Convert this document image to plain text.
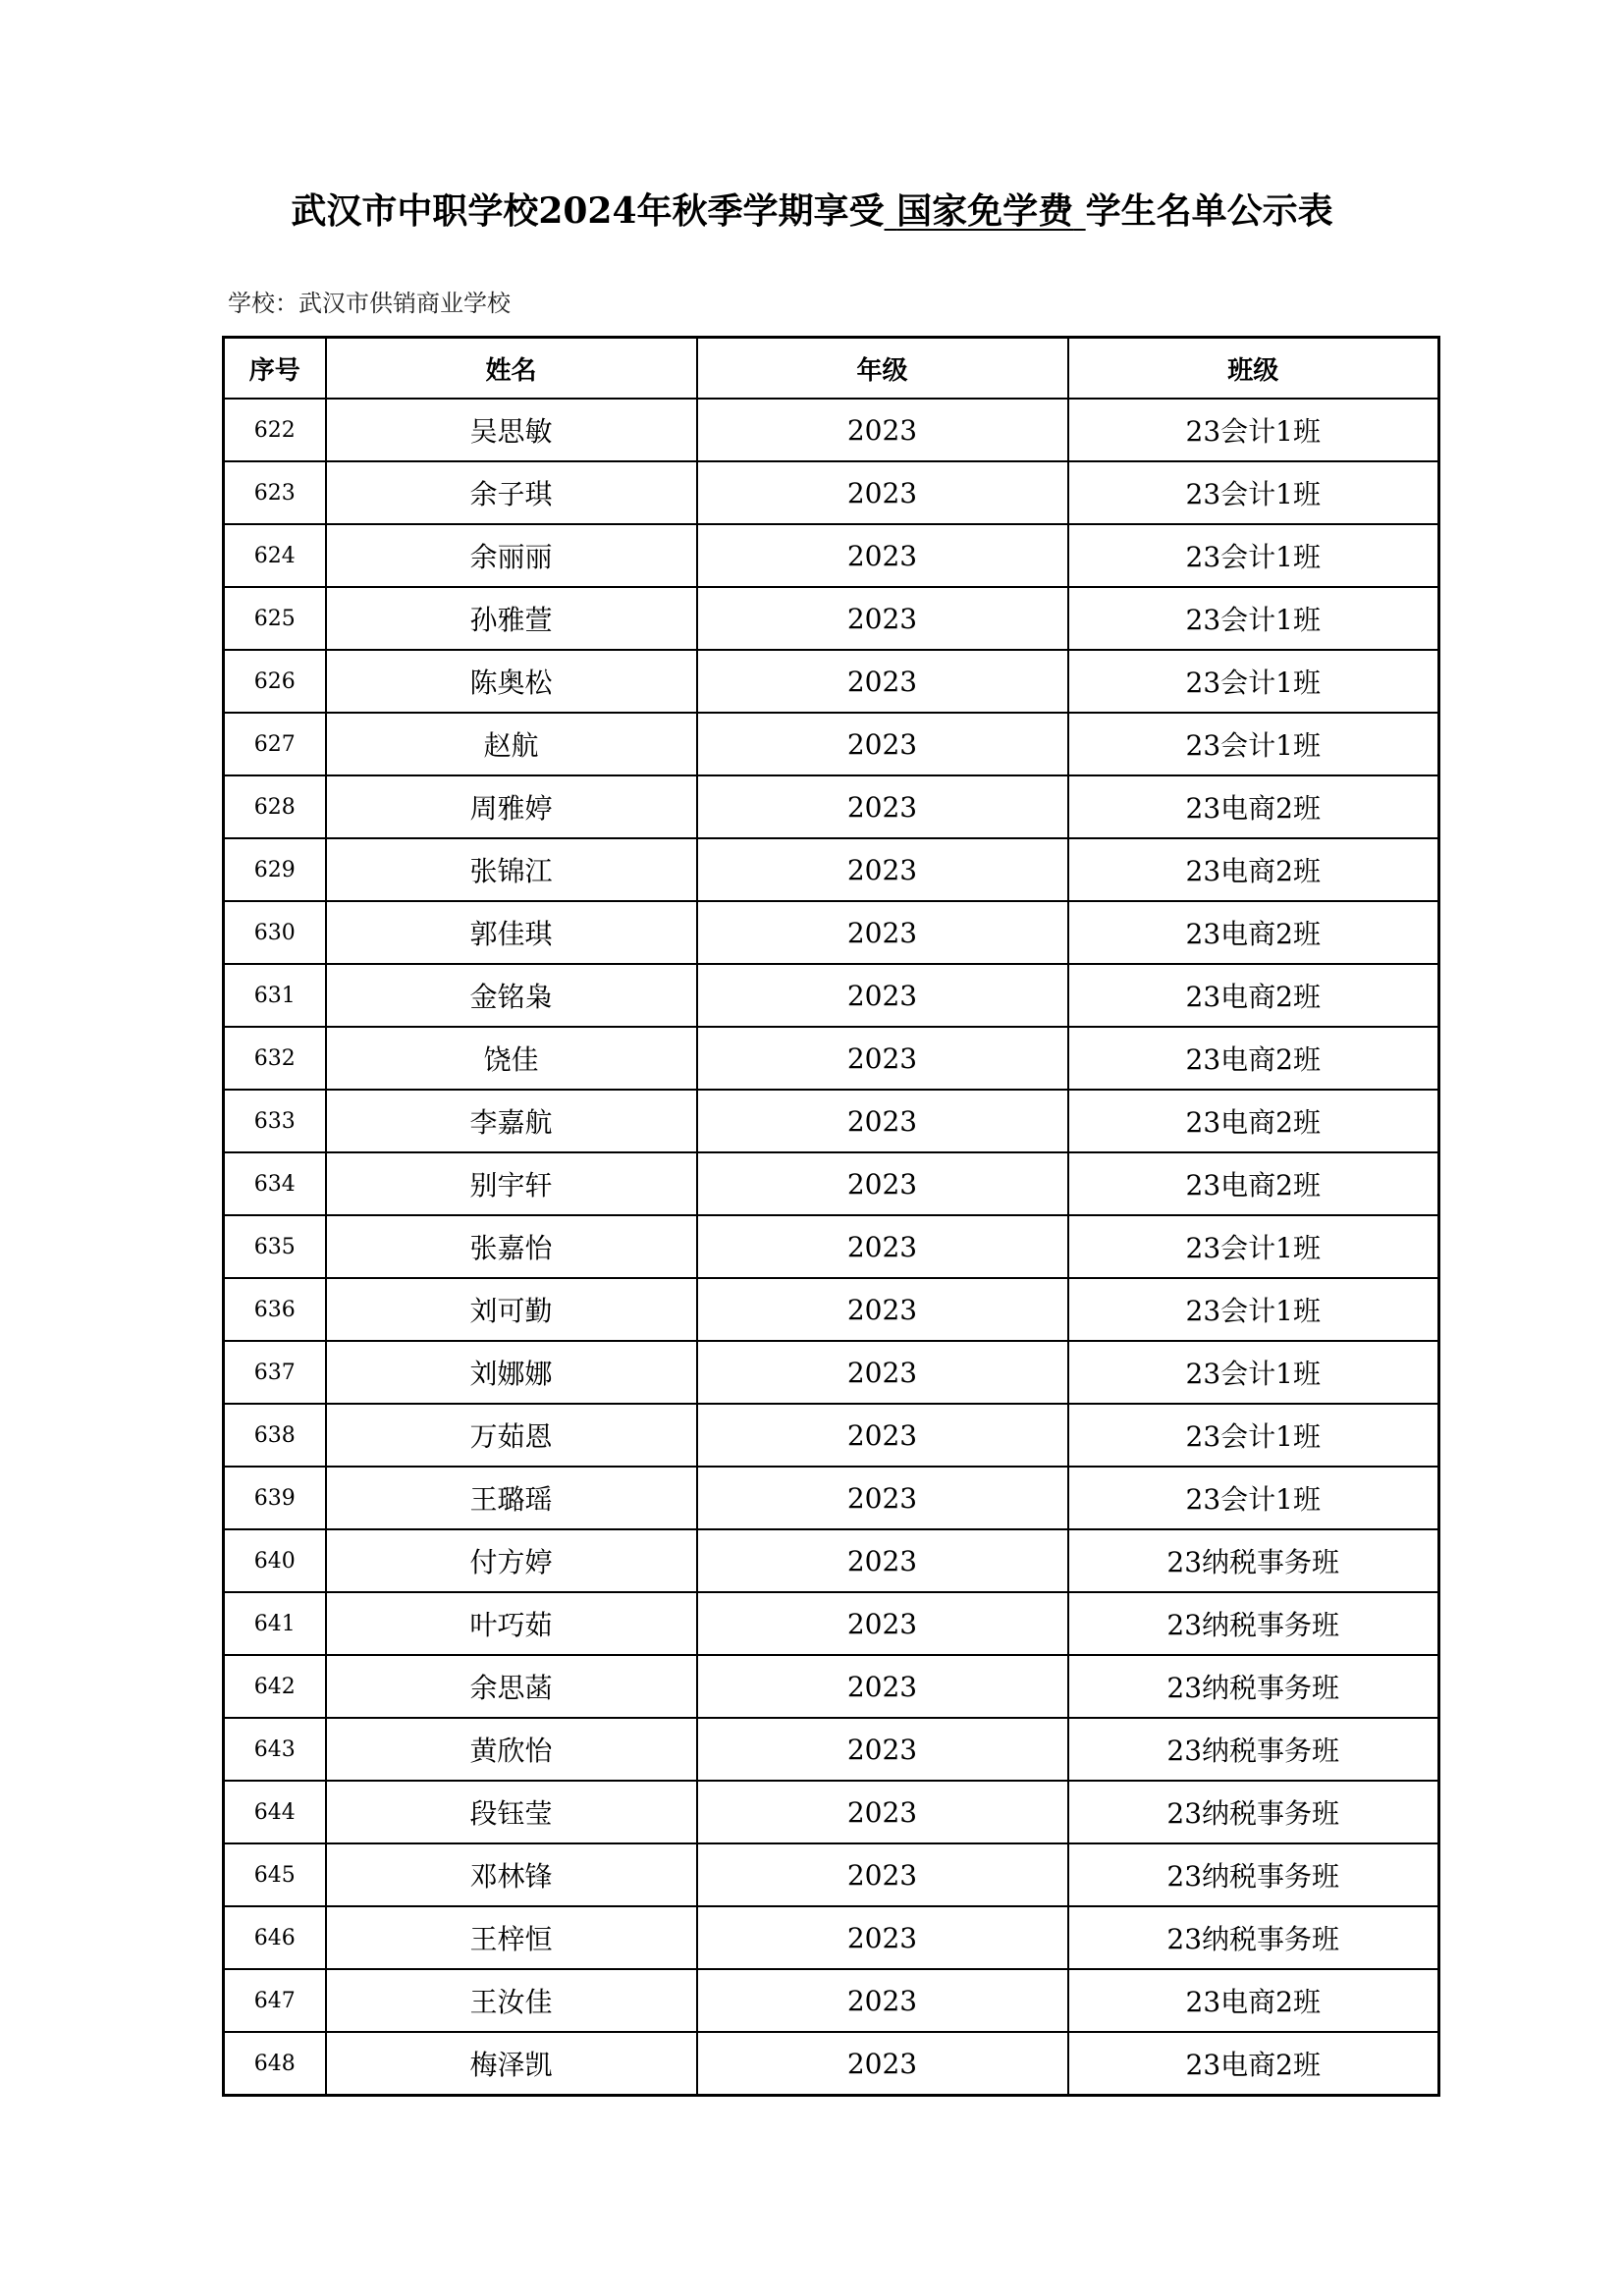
武汉市中职学校2024年秋季学期享受 国家免学费 学生名单公示表
学校：武汉市供销商业学校
序号	姓名	年级	班级
622	吴思敏	2023	23会计1班
623	余子琪	2023	23会计1班
624	余丽丽	2023	23会计1班
625	孙雅萱	2023	23会计1班
626	陈奥松	2023	23会计1班
627	赵航	2023	23会计1班
628	周雅婷	2023	23电商2班
629	张锦江	2023	23电商2班
630	郭佳琪	2023	23电商2班
631	金铭枭	2023	23电商2班
632	饶佳	2023	23电商2班
633	李嘉航	2023	23电商2班
634	别宇轩	2023	23电商2班
635	张嘉怡	2023	23会计1班
636	刘可勤	2023	23会计1班
637	刘娜娜	2023	23会计1班
638	万茹恩	2023	23会计1班
639	王璐瑶	2023	23会计1班
640	付方婷	2023	23纳税事务班
641	叶巧茹	2023	23纳税事务班
642	余思菡	2023	23纳税事务班
643	黄欣怡	2023	23纳税事务班
644	段钰莹	2023	23纳税事务班
645	邓林锋	2023	23纳税事务班
646	王梓恒	2023	23纳税事务班
647	王汝佳	2023	23电商2班
648	梅泽凯	2023	23电商2班
